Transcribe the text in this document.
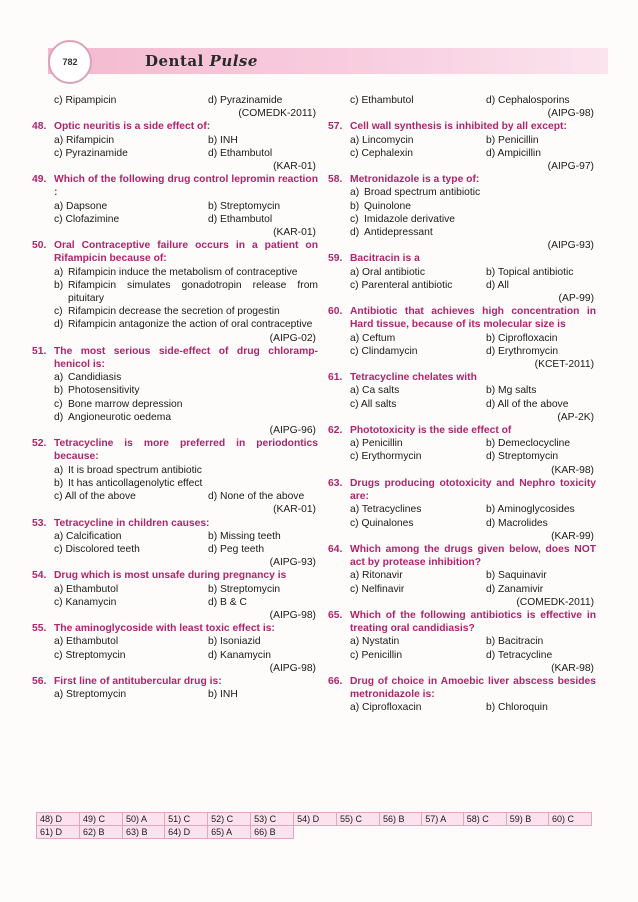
782	Dental Pulse
c) Ripampicin	d) Pyrazinamide
(COMEDK-2011)
48. Optic neuritis is a side effect of:
a) Rifampicin	b) INH
c) Pyrazinamide	d) Ethambutol
(KAR-01)
49. Which of the following drug control lepromin reaction :
a) Dapsone	b) Streptomycin
c) Clofazimine	d) Ethambutol
(KAR-01)
50. Oral Contraceptive failure occurs in a patient on Rifampicin because of:
a) Rifampicin induce the metabolism of contraceptive
b) Rifampicin simulates gonadotropin release from pituitary
c) Rifampicin decrease the secretion of progestin
d) Rifampicin antagonize the action of oral contraceptive
(AIPG-02)
51. The most serious side-effect of drug chloramp-henicol is:
a) Candidiasis
b) Photosensitivity
c) Bone marrow depression
d) Angioneurotic oedema
(AIPG-96)
52. Tetracycline is more preferred in periodontics because:
a) It is broad spectrum antibiotic
b) It has anticollagenolytic effect
c) All of the above	d) None of the above
(KAR-01)
53. Tetracycline in children causes:
a) Calcification	b) Missing teeth
c) Discolored teeth	d) Peg teeth
(AIPG-93)
54. Drug which is most unsafe during pregnancy is
a) Ethambutol	b) Streptomycin
c) Kanamycin	d) B & C
(AIPG-98)
55. The aminoglycoside with least toxic effect is:
a) Ethambutol	b) Isoniazid
c) Streptomycin	d) Kanamycin
(AIPG-98)
56. First line of antitubercular drug is:
a) Streptomycin	b) INH
c) Ethambutol	d) Cephalosporins
(AIPG-98)
57. Cell wall synthesis is inhibited by all except:
a) Lincomycin	b) Penicillin
c) Cephalexin	d) Ampicillin
(AIPG-97)
58. Metronidazole is a type of:
a) Broad spectrum antibiotic
b) Quinolone
c) Imidazole derivative
d) Antidepressant
(AIPG-93)
59. Bacitracin is a
a) Oral antibiotic	b) Topical antibiotic
c) Parenteral antibiotic	d) All
(AP-99)
60. Antibiotic that achieves high concentration in Hard tissue, because of its molecular size is
a) Ceftum	b) Ciprofloxacin
c) Clindamycin	d) Erythromycin
(KCET-2011)
61. Tetracycline chelates with
a) Ca salts	b) Mg salts
c) All salts	d) All of the above
(AP-2K)
62. Phototoxicity is the side effect of
a) Penicillin	b) Demeclocycline
c) Erythormycin	d) Streptomycin
(KAR-98)
63. Drugs producing ototoxicity and Nephro toxicity are:
a) Tetracyclines	b) Aminoglycosides
c) Quinalones	d) Macrolides
(KAR-99)
64. Which among the drugs given below, does NOT act by protease inhibition?
a) Ritonavir	b) Saquinavir
c) Nelfinavir	d) Zanamivir
(COMEDK-2011)
65. Which of the following antibiotics is effective in treating oral candidiasis?
a) Nystatin	b) Bacitracin
c) Penicillin	d) Tetracycline
(KAR-98)
66. Drug of choice in Amoebic liver abscess besides metronidazole is:
a) Ciprofloxacin	b) Chloroquin
48) D	49) C	50) A	51) C	52) C	53) C	54) D	55) C	56) B	57) A	58) C	59) B	60) C
61) D	62) B	63) B	64) D	65) A	66) B							
